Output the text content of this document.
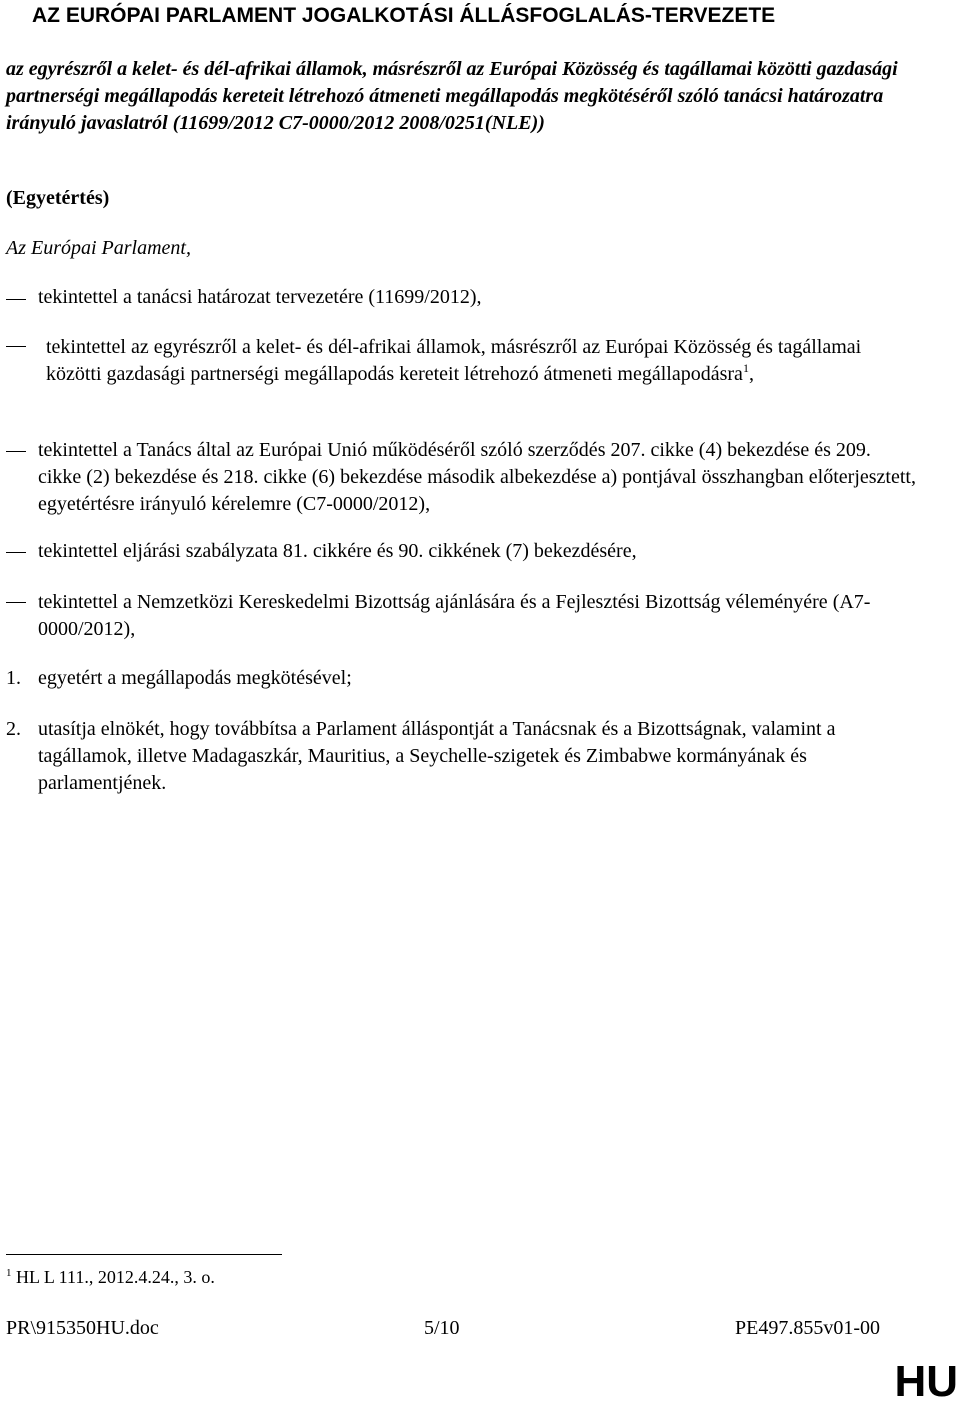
AZ EURÓPAI PARLAMENT JOGALKOTÁSI ÁLLÁSFOGLALÁS-TERVEZETE
az egyrészről a kelet- és dél-afrikai államok, másrészről az Európai Közösség és tagállamai közötti gazdasági partnerségi megállapodás kereteit létrehozó átmeneti megállapodás megkötéséről szóló tanácsi határozatra irányuló javaslatról (11699/2012 C7-0000/2012 2008/0251(NLE))
(Egyetértés)
Az Európai Parlament,
tekintettel a tanácsi határozat tervezetére (11699/2012),
tekintettel az egyrészről a kelet- és dél-afrikai államok, másrészről az Európai Közösség és tagállamai közötti gazdasági partnerségi megállapodás kereteit létrehozó átmeneti megállapodásra$^1$,
tekintettel a Tanács által az Európai Unió működéséről szóló szerződés 207. cikke (4) bekezdése és 209. cikke (2) bekezdése és 218. cikke (6) bekezdése második albekezdése a) pontjával összhangban előterjesztett, egyetértésre irányuló kérelemre (C7-0000/2012),
tekintettel eljárási szabályzata 81. cikkére és 90. cikkének (7) bekezdésére,
tekintettel a Nemzetközi Kereskedelmi Bizottság ajánlására és a Fejlesztési Bizottság véleményére (A7-0000/2012),
1. egyetért a megállapodás megkötésével;
2. utasítja elnökét, hogy továbbítsa a Parlament álláspontját a Tanácsnak és a Bizottságnak, valamint a tagállamok, illetve Madagaszkár, Mauritius, a Seychelle-szigetek és Zimbabwe kormányának és parlamentjének.
$^1$ HL L 111., 2012.4.24., 3. o.
PR\915350HU.doc	5/10	PE497.855v01-00
HU
